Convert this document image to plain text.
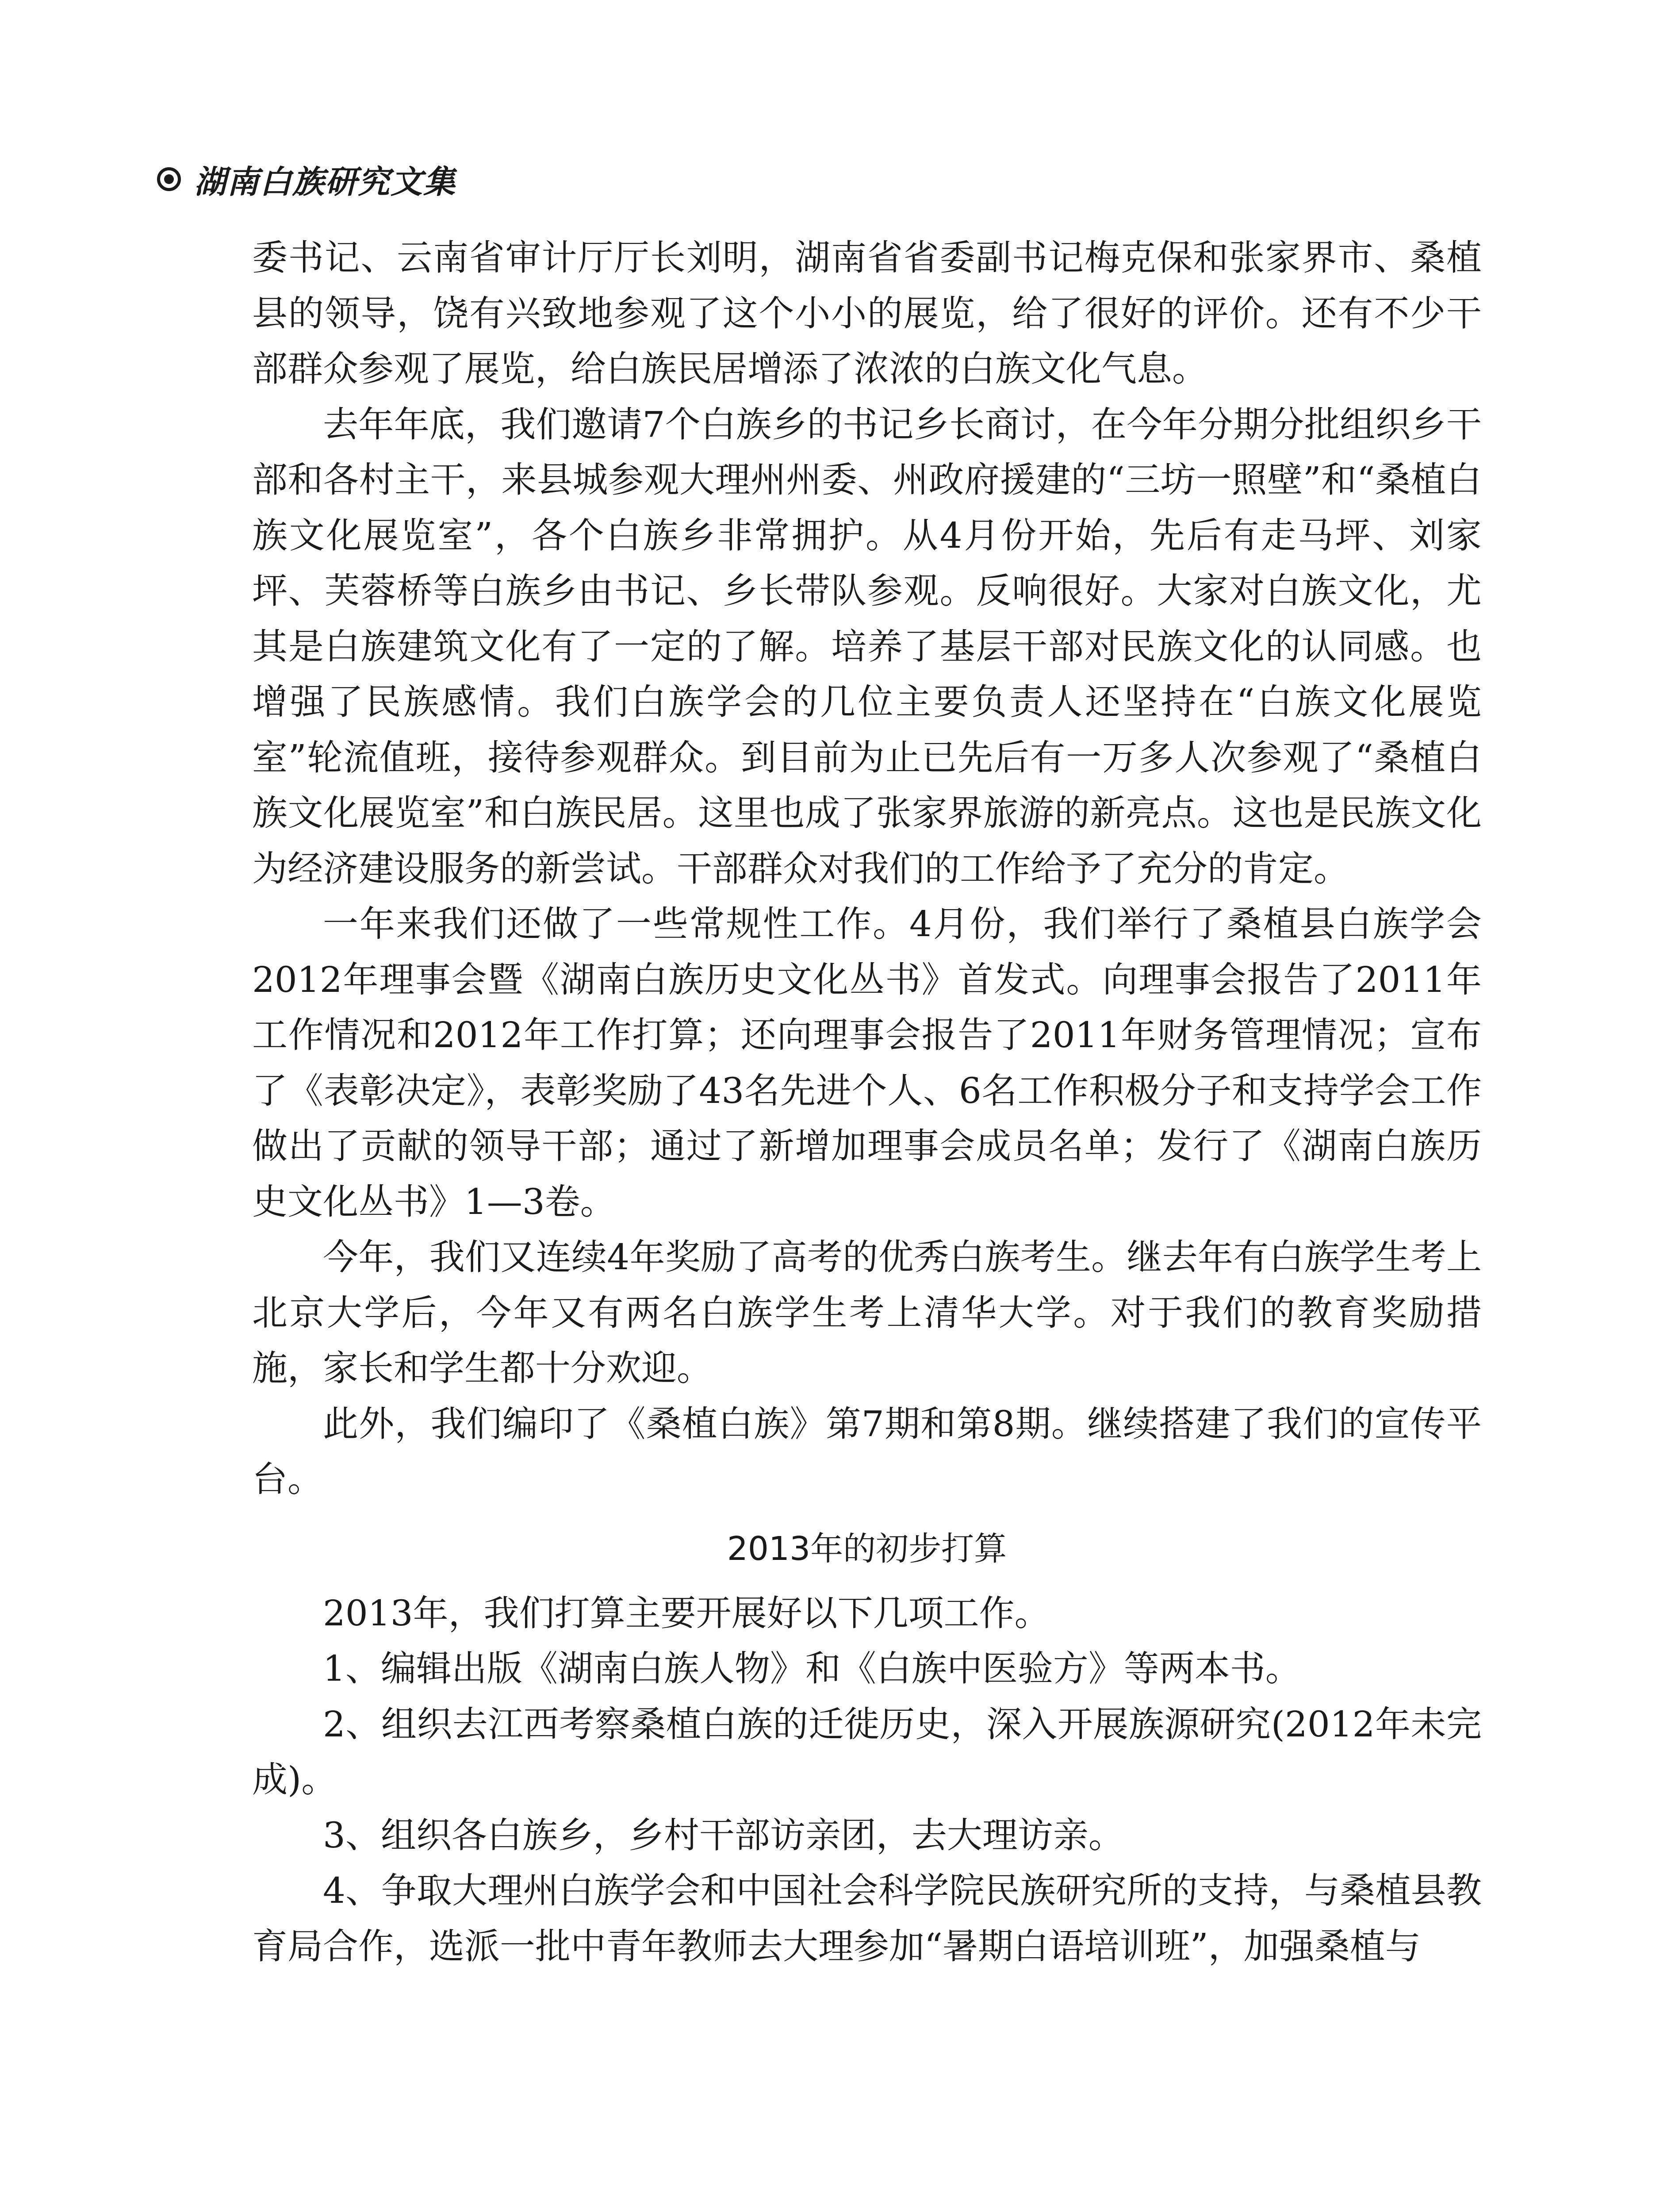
湖南白族研究文集

委书记、云南省审计厅厅长刘明，湖南省省委副书记梅克保和张家界市、桑植县的领导，饶有兴致地参观了这个小小的展览，给了很好的评价。还有不少干部群众参观了展览，给白族民居增添了浓浓的白族文化气息。

去年年底，我们邀请7个白族乡的书记乡长商讨，在今年分期分批组织乡干部和各村主干，来县城参观大理州州委、州政府援建的“三坊一照壁”和“桑植白族文化展览室”，各个白族乡非常拥护。从4月份开始，先后有走马坪、刘家坪、芙蓉桥等白族乡由书记、乡长带队参观。反响很好。大家对白族文化，尤其是白族建筑文化有了一定的了解。培养了基层干部对民族文化的认同感。也增强了民族感情。我们白族学会的几位主要负责人还坚持在“白族文化展览室”轮流值班，接待参观群众。到目前为止已先后有一万多人次参观了“桑植白族文化展览室”和白族民居。这里也成了张家界旅游的新亮点。这也是民族文化为经济建设服务的新尝试。干部群众对我们的工作给予了充分的肯定。

一年来我们还做了一些常规性工作。4月份，我们举行了桑植县白族学会2012年理事会暨《湖南白族历史文化丛书》首发式。向理事会报告了2011年工作情况和2012年工作打算；还向理事会报告了2011年财务管理情况；宣布了《表彰决定》，表彰奖励了43名先进个人、6名工作积极分子和支持学会工作做出了贡献的领导干部；通过了新增加理事会成员名单；发行了《湖南白族历史文化丛书》1—3卷。

今年，我们又连续4年奖励了高考的优秀白族考生。继去年有白族学生考上北京大学后，今年又有两名白族学生考上清华大学。对于我们的教育奖励措施，家长和学生都十分欢迎。

此外，我们编印了《桑植白族》第7期和第8期。继续搭建了我们的宣传平台。

2013年的初步打算

2013年，我们打算主要开展好以下几项工作。

1、编辑出版《湖南白族人物》和《白族中医验方》等两本书。

2、组织去江西考察桑植白族的迁徙历史，深入开展族源研究(2012年未完成)。

3、组织各白族乡，乡村干部访亲团，去大理访亲。

4、争取大理州白族学会和中国社会科学院民族研究所的支持，与桑植县教育局合作，选派一批中青年教师去大理参加“暑期白语培训班”，加强桑植与
